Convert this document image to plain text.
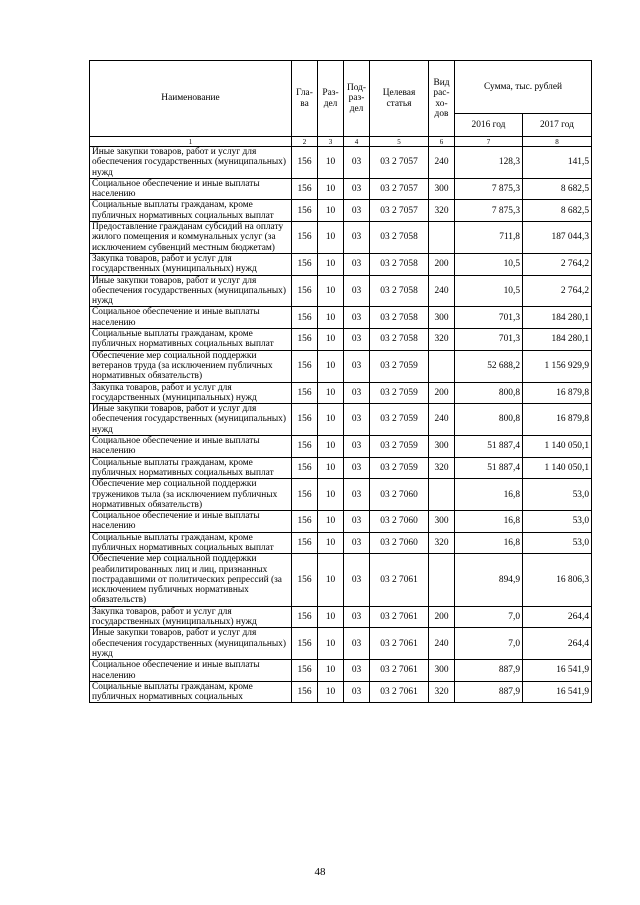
Наименование	Гла-ва	Раз-дел	Под-раз-дел	Целевая статья	Вид рас-хо-дов	Сумма, тыс. рублей	
						2016 год	2017 год
1	2	3	4	5	6	7	8
Иные закупки товаров, работ и услуг для обеспечения государственных (муниципальных) нужд	156	10	03	03 2 7057	240	128,3	141,5
Социальное обеспечение и иные выплаты населению	156	10	03	03 2 7057	300	7 875,3	8 682,5
Социальные выплаты гражданам, кроме публичных нормативных социальных выплат	156	10	03	03 2 7057	320	7 875,3	8 682,5
Предоставление гражданам субсидий на оплату жилого помещения и коммунальных услуг (за исключением субвенций местным бюджетам)	156	10	03	03 2 7058		711,8	187 044,3
Закупка товаров, работ и услуг для государственных (муниципальных) нужд	156	10	03	03 2 7058	200	10,5	2 764,2
Иные закупки товаров, работ и услуг для обеспечения государственных (муниципальных) нужд	156	10	03	03 2 7058	240	10,5	2 764,2
Социальное обеспечение и иные выплаты населению	156	10	03	03 2 7058	300	701,3	184 280,1
Социальные выплаты гражданам, кроме публичных нормативных социальных выплат	156	10	03	03 2 7058	320	701,3	184 280,1
Обеспечение мер социальной поддержки ветеранов труда (за исключением публичных нормативных обязательств)	156	10	03	03 2 7059		52 688,2	1 156 929,9
Закупка товаров, работ и услуг для государственных (муниципальных) нужд	156	10	03	03 2 7059	200	800,8	16 879,8
Иные закупки товаров, работ и услуг для обеспечения государственных (муниципальных) нужд	156	10	03	03 2 7059	240	800,8	16 879,8
Социальное обеспечение и иные выплаты населению	156	10	03	03 2 7059	300	51 887,4	1 140 050,1
Социальные выплаты гражданам, кроме публичных нормативных социальных выплат	156	10	03	03 2 7059	320	51 887,4	1 140 050,1
Обеспечение мер социальной поддержки тружеников тыла (за исключением публичных нормативных обязательств)	156	10	03	03 2 7060		16,8	53,0
Социальное обеспечение и иные выплаты населению	156	10	03	03 2 7060	300	16,8	53,0
Социальные выплаты гражданам, кроме публичных нормативных социальных выплат	156	10	03	03 2 7060	320	16,8	53,0
Обеспечение мер социальной поддержки реабилитированных лиц и лиц, признанных пострадавшими от политических репрессий (за исключением публичных нормативных обязательств)	156	10	03	03 2 7061		894,9	16 806,3
Закупка товаров, работ и услуг для государственных (муниципальных) нужд	156	10	03	03 2 7061	200	7,0	264,4
Иные закупки товаров, работ и услуг для обеспечения государственных (муниципальных) нужд	156	10	03	03 2 7061	240	7,0	264,4
Социальное обеспечение и иные выплаты населению	156	10	03	03 2 7061	300	887,9	16 541,9
Социальные выплаты гражданам, кроме публичных нормативных социальных	156	10	03	03 2 7061	320	887,9	16 541,9
48
